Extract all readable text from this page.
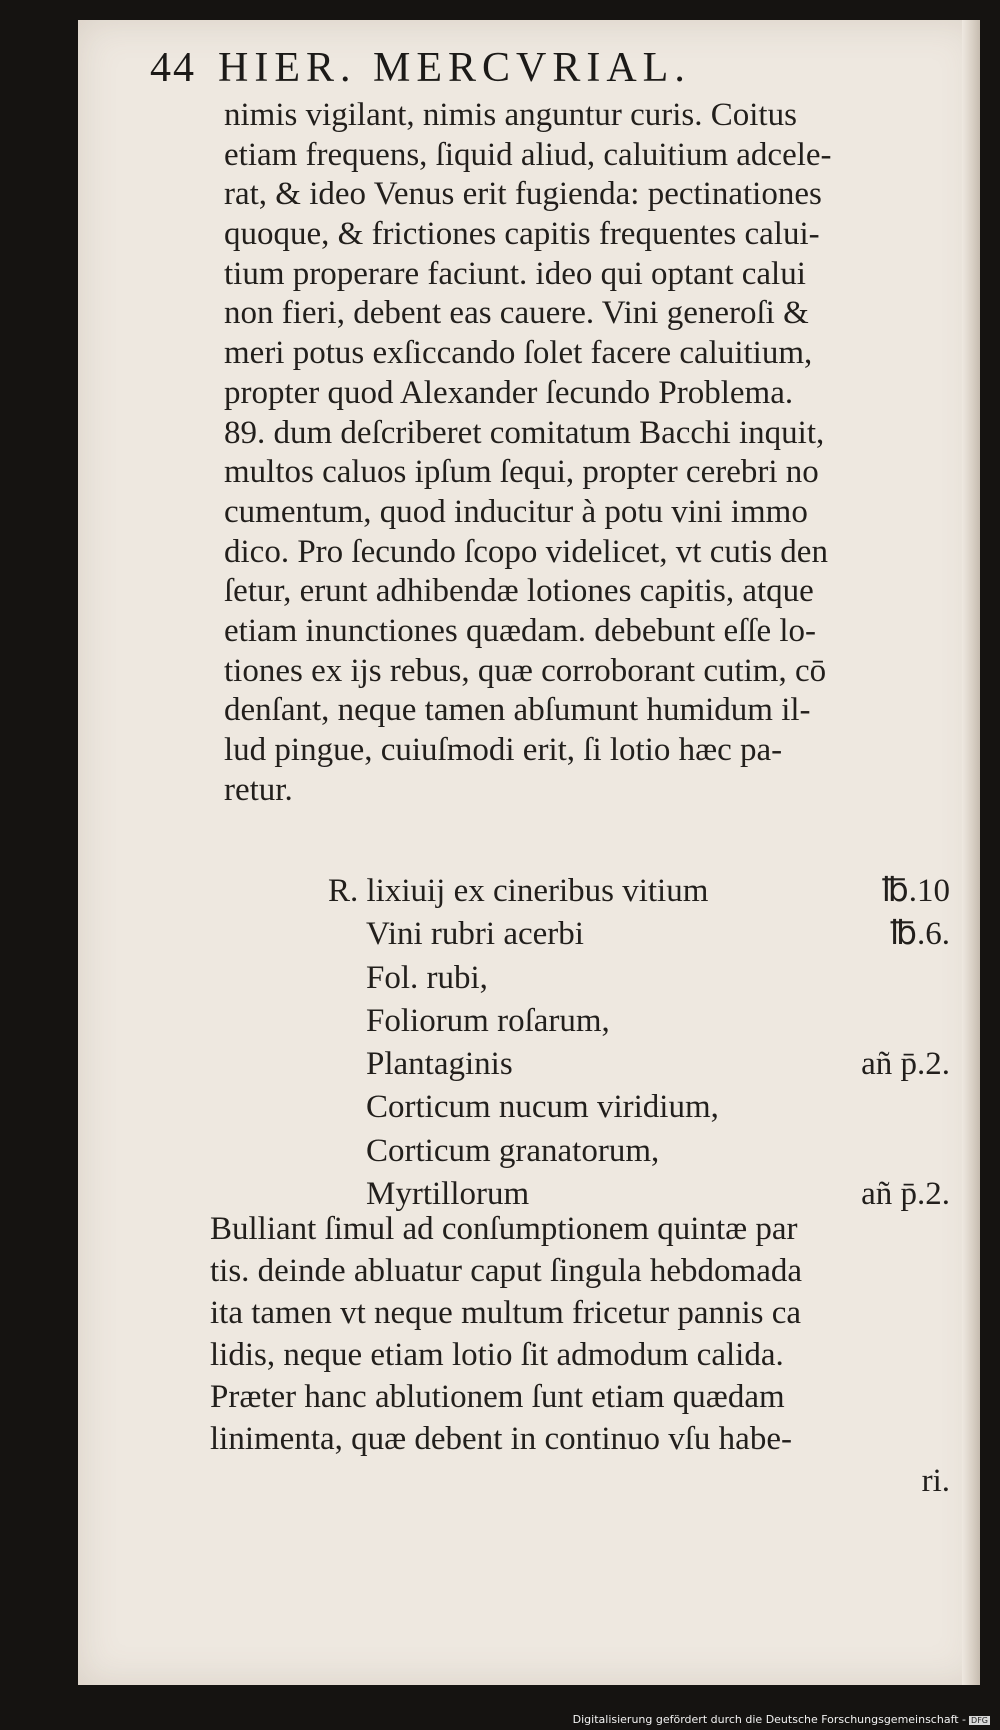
44 HIER. MERCVRIAL.
nimis vigilant, nimis anguntur curis. Coitus
etiam frequens, ſiquid aliud, caluitium adcele-
rat, & ideo Venus erit fugienda: pectinationes
quoque, & frictiones capitis frequentes calui-
tium properare faciunt. ideo qui optant calui
non fieri, debent eas cauere. Vini generoſi &
meri potus exſiccando ſolet facere caluitium,
propter quod Alexander ſecundo Problema.
89. dum deſcriberet comitatum Bacchi inquit,
multos caluos ipſum ſequi, propter cerebri no
cumentum, quod inducitur à potu vini immo
dico. Pro ſecundo ſcopo videlicet, vt cutis den
ſetur, erunt adhibendæ lotiones capitis, atque
etiam inunctiones quædam. debebunt eſſe lo-
tiones ex ijs rebus, quæ corroborant cutim, cō
denſant, neque tamen abſumunt humidum il-
lud pingue, cuiuſmodi erit, ſi lotio hæc pa-
retur.
R. lixiuij ex cineribus vitium	℔.10
Vini rubri acerbi	℔.6.
Fol. rubi,
Foliorum roſarum,
Plantaginis	añ p̄.2.
Corticum nucum viridium,
Corticum granatorum,
Myrtillorum	añ p̄.2.
Bulliant ſimul ad conſumptionem quintæ par
tis. deinde abluatur caput ſingula hebdomada
ita tamen vt neque multum fricetur pannis ca
lidis, neque etiam lotio ſit admodum calida.
Præter hanc ablutionem ſunt etiam quædam
linimenta, quæ debent in continuo vſu habe-
ri.
Digitalisierung gefördert durch die Deutsche Forschungsgemeinschaft - DFG
